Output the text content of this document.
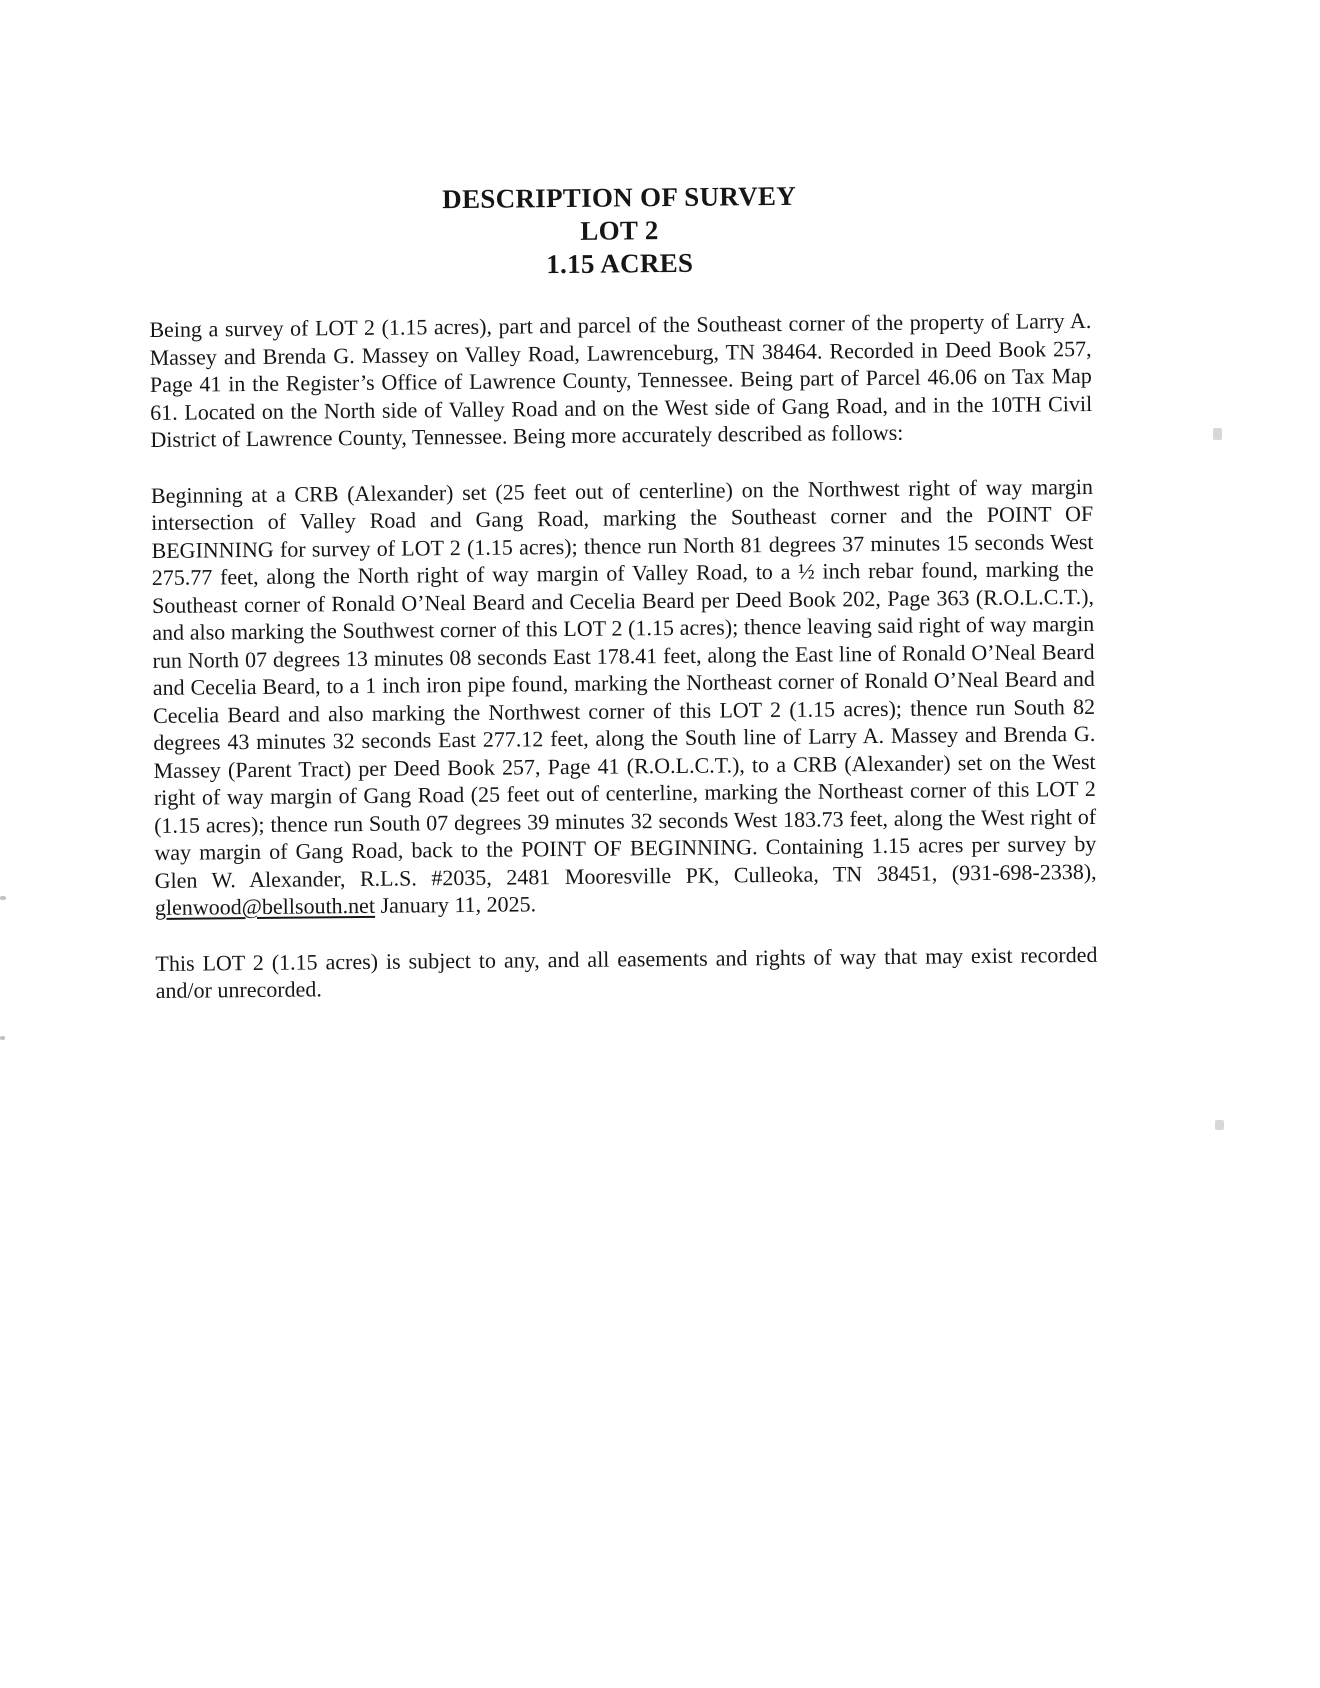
DESCRIPTION OF SURVEY
LOT 2
1.15 ACRES

Being a survey of LOT 2 (1.15 acres), part and parcel of the Southeast corner of the property of Larry A. Massey and Brenda G. Massey on Valley Road, Lawrenceburg, TN 38464. Recorded in Deed Book 257, Page 41 in the Register’s Office of Lawrence County, Tennessee. Being part of Parcel 46.06 on Tax Map 61. Located on the North side of Valley Road and on the West side of Gang Road, and in the 10TH Civil District of Lawrence County, Tennessee. Being more accurately described as follows:

Beginning at a CRB (Alexander) set (25 feet out of centerline) on the Northwest right of way margin intersection of Valley Road and Gang Road, marking the Southeast corner and the POINT OF BEGINNING for survey of LOT 2 (1.15 acres); thence run North 81 degrees 37 minutes 15 seconds West 275.77 feet, along the North right of way margin of Valley Road, to a ½ inch rebar found, marking the Southeast corner of Ronald O’Neal Beard and Cecelia Beard per Deed Book 202, Page 363 (R.O.L.C.T.), and also marking the Southwest corner of this LOT 2 (1.15 acres); thence leaving said right of way margin run North 07 degrees 13 minutes 08 seconds East 178.41 feet, along the East line of Ronald O’Neal Beard and Cecelia Beard, to a 1 inch iron pipe found, marking the Northeast corner of Ronald O’Neal Beard and Cecelia Beard and also marking the Northwest corner of this LOT 2 (1.15 acres); thence run South 82 degrees 43 minutes 32 seconds East 277.12 feet, along the South line of Larry A. Massey and Brenda G. Massey (Parent Tract) per Deed Book 257, Page 41 (R.O.L.C.T.), to a CRB (Alexander) set on the West right of way margin of Gang Road (25 feet out of centerline, marking the Northeast corner of this LOT 2 (1.15 acres); thence run South 07 degrees 39 minutes 32 seconds West 183.73 feet, along the West right of way margin of Gang Road, back to the POINT OF BEGINNING. Containing 1.15 acres per survey by Glen W. Alexander, R.L.S. #2035, 2481 Mooresville PK, Culleoka, TN 38451, (931-698-2338), glenwood@bellsouth.net January 11, 2025.

This LOT 2 (1.15 acres) is subject to any, and all easements and rights of way that may exist recorded and/or unrecorded.
